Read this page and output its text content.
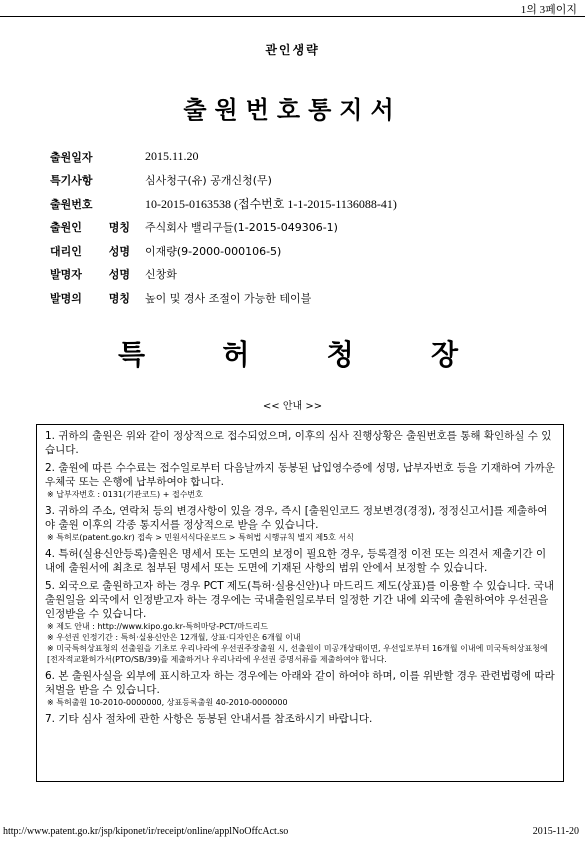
1의 3페이지
관인생략
출원번호통지서
출원일자	2015.11.20
특기사항	심사청구(유) 공개신청(무)
출원번호	10-2015-0163538 (접수번호 1-1-2015-1136088-41)
출원인 명칭 주식회사 밸리구들(1-2015-049306-1)
대리인 성명 이재량(9-2000-000106-5)
발명자 성명 신창화
발명의 명칭 높이 및 경사 조절이 가능한 테이블
특	허	청	장
<< 안내 >>
1. 귀하의 출원은 위와 같이 정상적으로 접수되었으며, 이후의 심사 진행상황은 출원번호를 통해 확인하실 수 있습니다.
2. 출원에 따른 수수료는 접수일로부터 다음날까지 동봉된 납입영수증에 성명, 납부자번호 등을 기재하여 가까운 우체국 또는 은행에 납부하여야 합니다.
※ 납부자번호 : 0131(기관코드) + 접수번호
3. 귀하의 주소, 연락처 등의 변경사항이 있을 경우, 즉시 [출원인코드 정보변경(경정), 정정신고서]를 제출하여야 출원 이후의 각종 통지서를 정상적으로 받을 수 있습니다.
※ 특허로(patent.go.kr) 접속 > 민원서식다운로드 > 특허법 시행규칙 별지 제5호 서식
4. 특허(실용신안등록)출원은 명세서 또는 도면의 보정이 필요한 경우, 등록결정 이전 또는 의견서 제출기간 이내에 출원서에 최초로 첨부된 명세서 또는 도면에 기재된 사항의 범위 안에서 보정할 수 있습니다.
5. 외국으로 출원하고자 하는 경우 PCT 제도(특허·실용신안)나 마드리드 제도(상표)를 이용할 수 있습니다. 국내출원일을 외국에서 인정받고자 하는 경우에는 국내출원일로부터 일정한 기간 내에 외국에 출원하여야 우선권을 인정받을 수 있습니다.
※ 제도 안내 : http://www.kipo.go.kr-특허마당-PCT/마드리드
※ 우선권 인정기간 : 특허·실용신안은 12개월, 상표·디자인은 6개월 이내
※ 미국특허상표청의 선출원을 기초로 우리나라에 우선권주장출원 시, 선출원이 미공개상태이면, 우선일로부터 16개월 이내에 미국특허상표청에 [전자적교환허가서(PTO/SB/39)를 제출하거나 우리나라에 우선권 증명서류를 제출하여야 합니다.
6. 본 출원사실을 외부에 표시하고자 하는 경우에는 아래와 같이 하여야 하며, 이를 위반할 경우 관련법령에 따라 처벌을 받을 수 있습니다.
※ 특허출원 10-2010-0000000, 상표등록출원 40-2010-0000000
7. 기타 심사 절차에 관한 사항은 동봉된 안내서를 참조하시기 바랍니다.
http://www.patent.go.kr/jsp/kiponet/ir/receipt/online/applNoOffcAct.so	2015-11-20
